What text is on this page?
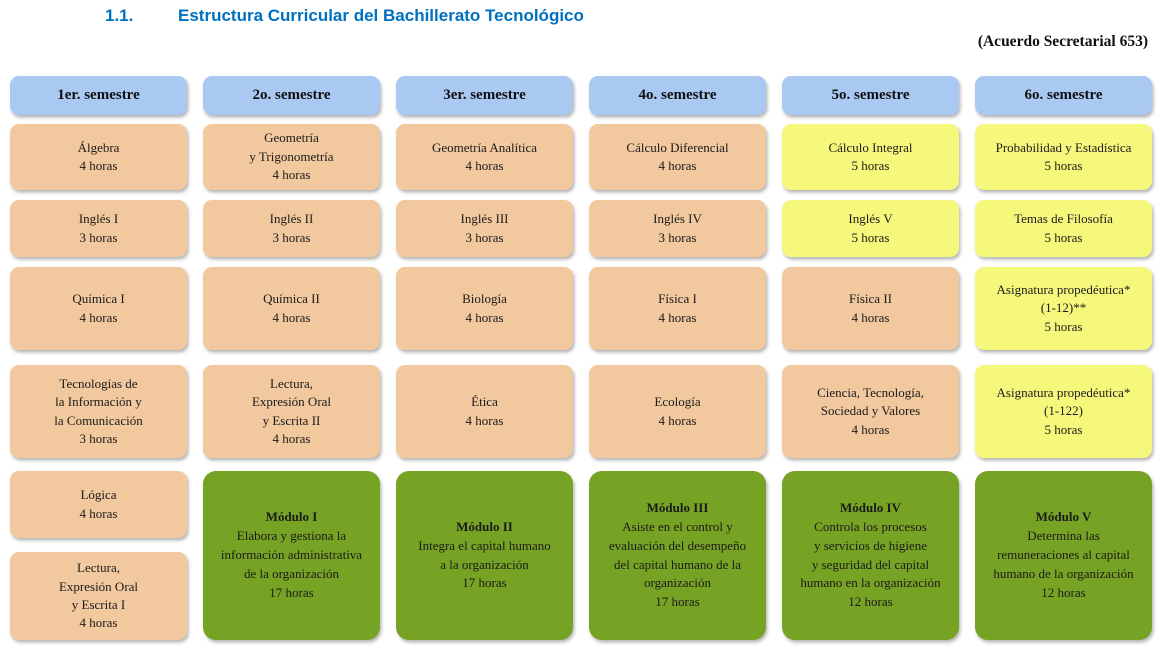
1.1.	Estructura Curricular del Bachillerato Tecnológico
(Acuerdo Secretarial 653)
1er. semestre
Álgebra
4 horas
Inglés I
3 horas
Química I
4 horas
Tecnologías de
la Información y
la Comunicación
3 horas
Lógica
4 horas
Lectura,
Expresión Oral
y Escrita I
4 horas
2o. semestre
Geometría
y Trigonometría
4 horas
Inglés II
3 horas
Química II
4 horas
Lectura,
Expresión Oral
y Escrita II
4 horas
Módulo I
Elabora y gestiona la
información administrativa
de la organización
17 horas
3er. semestre
Geometría Analítica
4 horas
Inglés III
3 horas
Biología
4 horas
Ética
4 horas
Módulo II
Integra el capital humano
a la organización
17 horas
4o. semestre
Cálculo Diferencial
4 horas
Inglés IV
3 horas
Física I
4 horas
Ecología
4 horas
Módulo III
Asiste en el control y
evaluación del desempeño
del capital humano de la
organización
17 horas
5o. semestre
Cálculo Integral
5 horas
Inglés V
5 horas
Física II
4 horas
Ciencia, Tecnología,
Sociedad y Valores
4 horas
Módulo IV
Controla los procesos
y servicios de higiene
y seguridad del capital
humano en la organización
12 horas
6o. semestre
Probabilidad y Estadística
5 horas
Temas de Filosofía
5 horas
Asignatura propedéutica*
(1-12)**
5 horas
Asignatura propedéutica*
(1-122)
5 horas
Módulo V
Determina las
remuneraciones al capital
humano de la organización
12 horas
